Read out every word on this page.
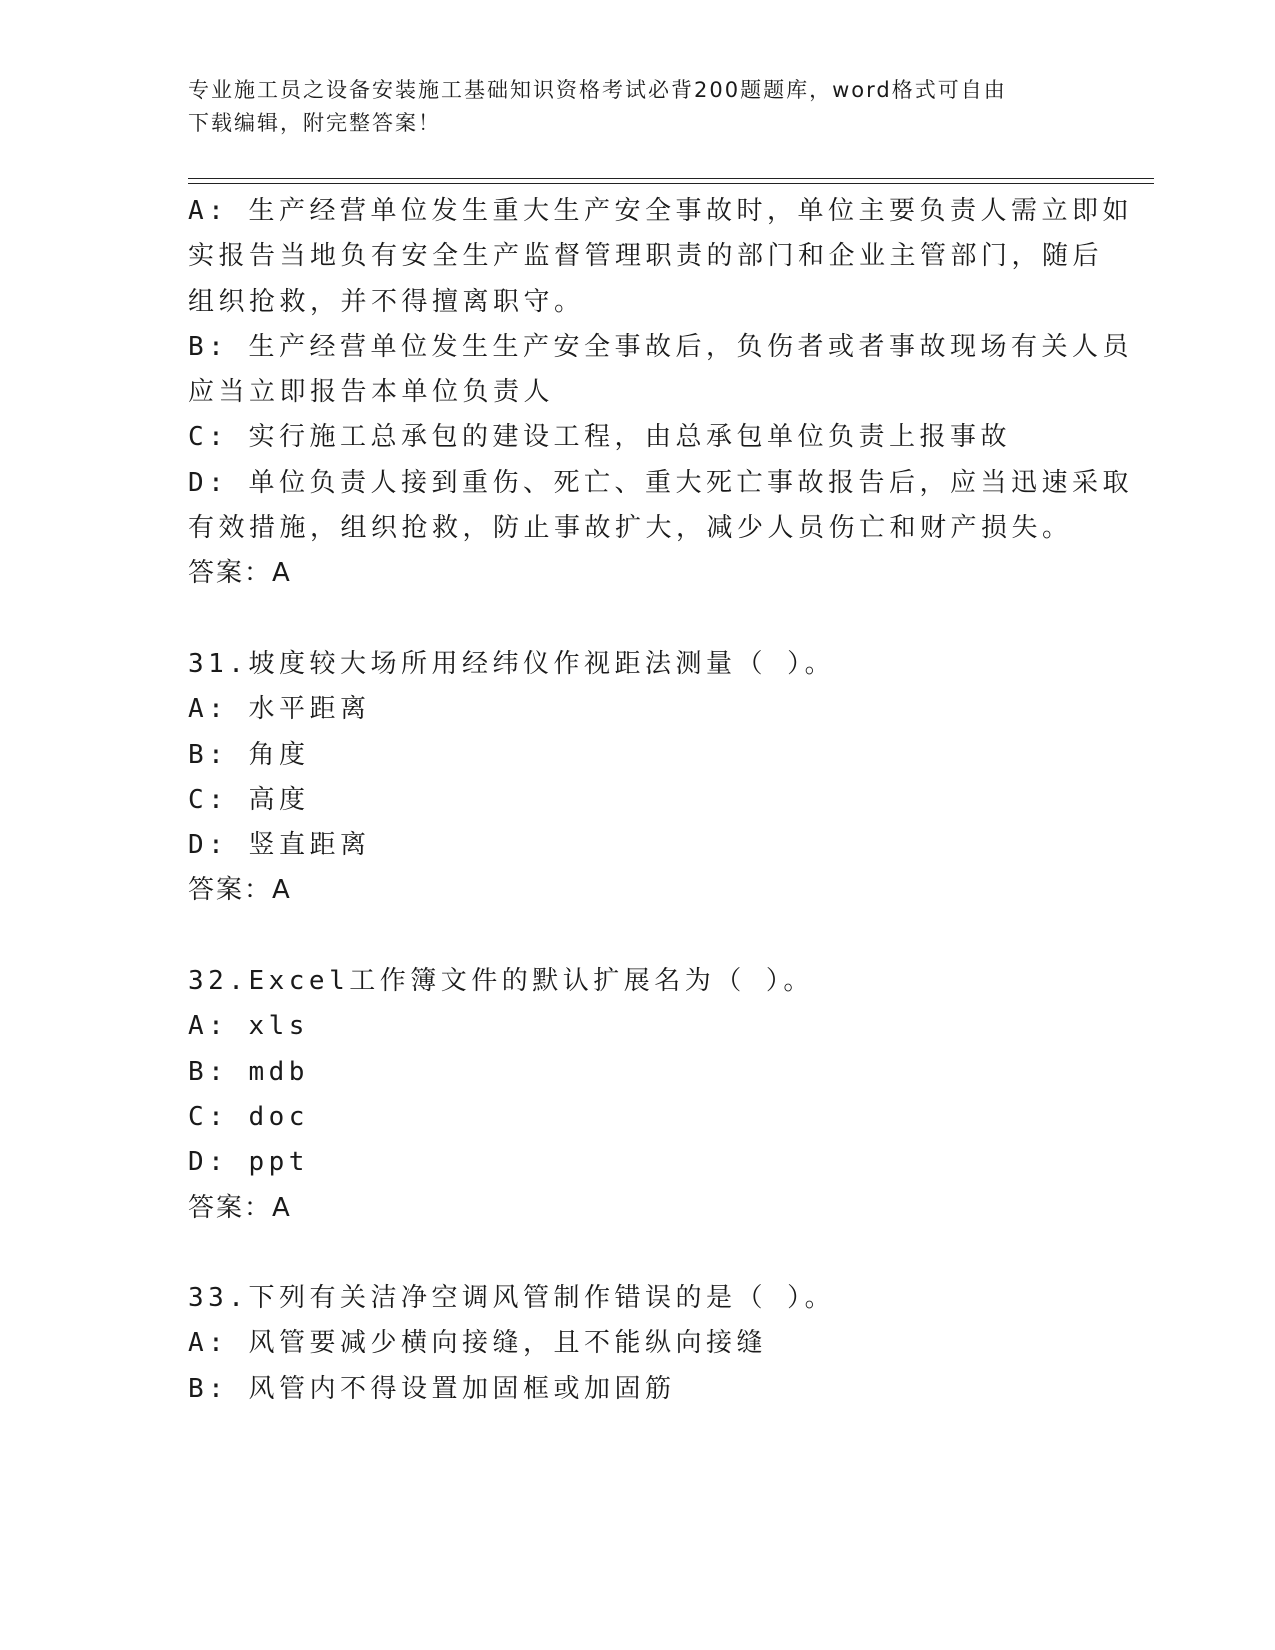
专业施工员之设备安装施工基础知识资格考试必背200题题库，word格式可自由
下载编辑，附完整答案！
A: 生产经营单位发生重大生产安全事故时，单位主要负责人需立即如
实报告当地负有安全生产监督管理职责的部门和企业主管部门，随后
组织抢救，并不得擅离职守。
B: 生产经营单位发生生产安全事故后，负伤者或者事故现场有关人员
应当立即报告本单位负责人
C: 实行施工总承包的建设工程，由总承包单位负责上报事故
D: 单位负责人接到重伤、死亡、重大死亡事故报告后，应当迅速采取
有效措施，组织抢救，防止事故扩大，减少人员伤亡和财产损失。
答案：A
31.坡度较大场所用经纬仪作视距法测量（ ）。
A: 水平距离
B: 角度
C: 高度
D: 竖直距离
答案：A
32.Excel工作簿文件的默认扩展名为（ ）。
A: xls
B: mdb
C: doc
D: ppt
答案：A
33.下列有关洁净空调风管制作错误的是（ ）。
A: 风管要减少横向接缝，且不能纵向接缝
B: 风管内不得设置加固框或加固筋
